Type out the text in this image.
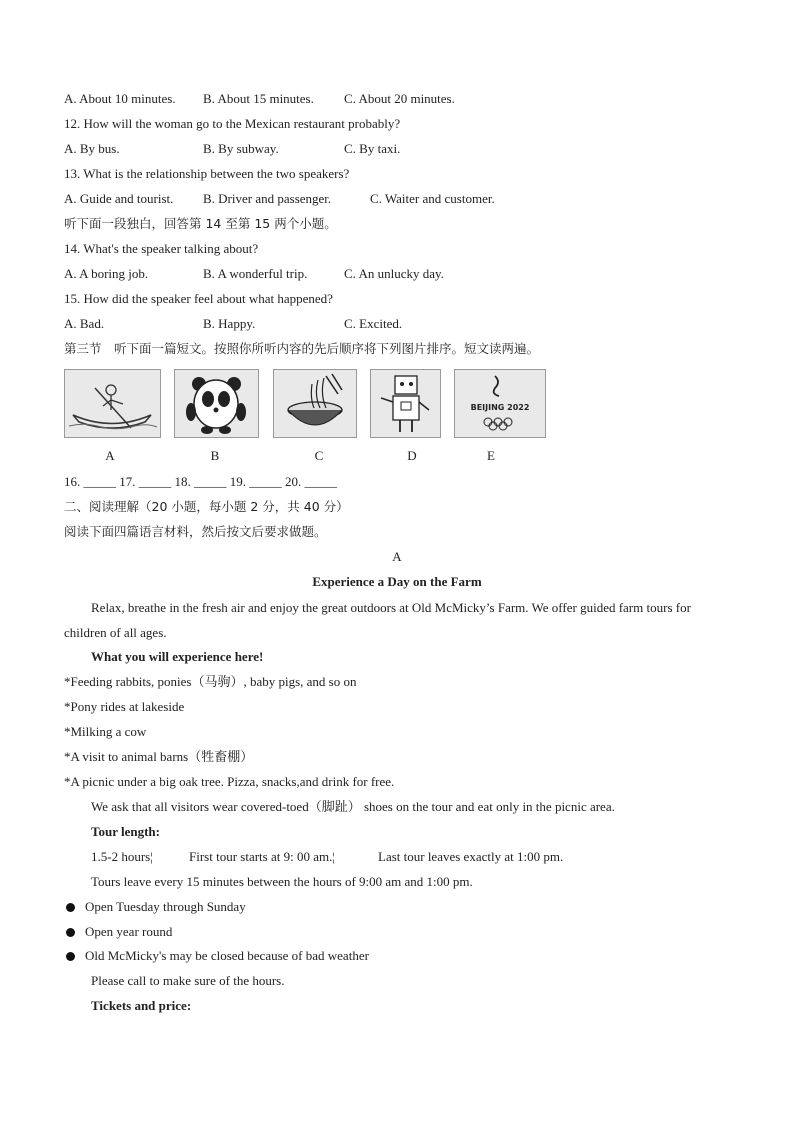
A. About 10 minutes. B. About 15 minutes. C. About 20 minutes.
12. How will the woman go to the Mexican restaurant probably?
A. By bus.	B. By subway.	C. By taxi.
13. What is the relationship between the two speakers?
A. Guide and tourist. B. Driver and passenger.	C. Waiter and customer.
听下面一段独白，回答第 14 至第 15 两个小题。
14. What's the speaker talking about?
A. A boring job.	B. A wonderful trip.	C. An unlucky day.
15. How did the speaker feel about what happened?
A. Bad.	B. Happy.	C. Excited.
第三节　听下面一篇短文。按照你所听内容的先后顺序将下列图片排序。短文读两遍。
BEIJING 2022
A	B	C	D	E
16. _____ 17. _____ 18. _____ 19. _____ 20. _____
二、阅读理解（20 小题，每小题 2 分，共 40 分）
阅读下面四篇语言材料，然后按文后要求做题。
A
Experience a Day on the Farm
Relax, breathe in the fresh air and enjoy the great outdoors at Old McMicky’s Farm. We offer guided farm tours for children of all ages.
What you will experience here!
*Feeding rabbits, ponies（马驹）, baby pigs, and so on
*Pony rides at lakeside
*Milking a cow
*A visit to animal barns（牲畜棚）
*A picnic under a big oak tree. Pizza, snacks,and drink for free.
We ask that all visitors wear covered-toed（脚趾） shoes on the tour and eat only in the picnic area.
Tour length:
1.5-2 hours¦	First tour starts at 9: 00 am.¦	Last tour leaves exactly at 1:00 pm.
Tours leave every 15 minutes between the hours of 9:00 am and 1:00 pm.
Open Tuesday through Sunday
Open year round
Old McMicky's may be closed because of bad weather
Please call to make sure of the hours.
Tickets and price:
